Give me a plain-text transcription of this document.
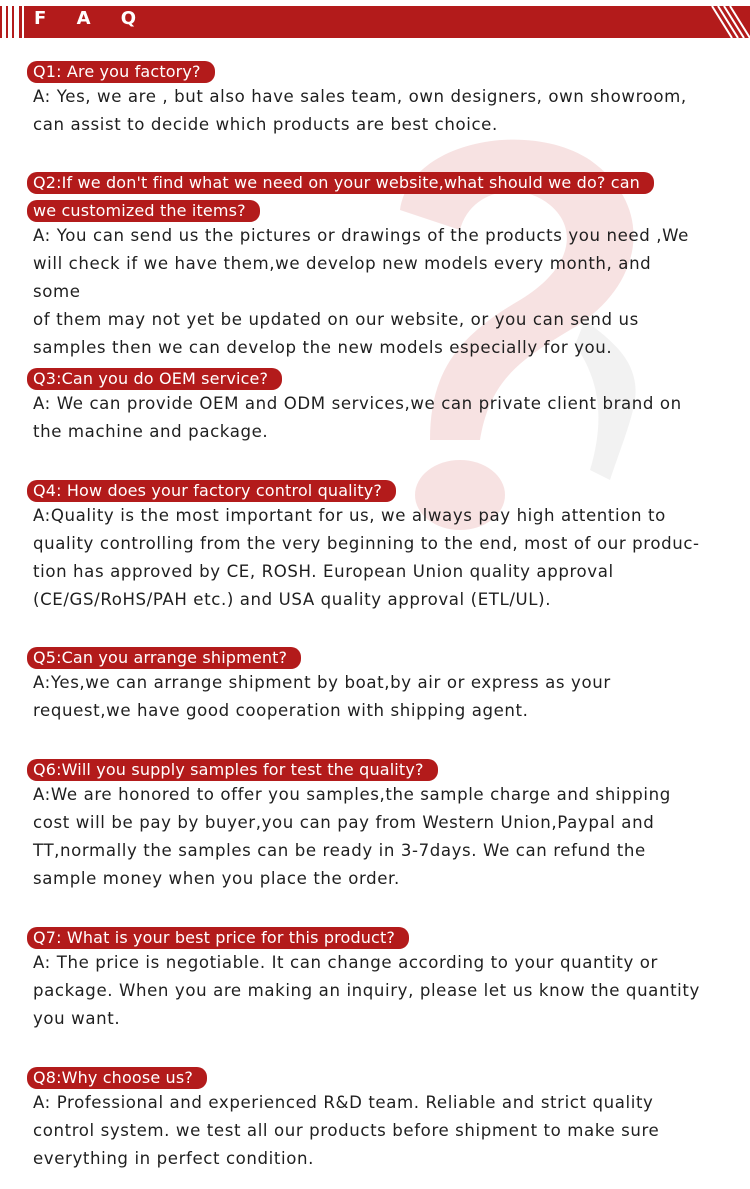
F A Q
Q1: Are you factory?

A: Yes, we are , but also have sales team, own designers, own showroom,
can assist to decide which products are best choice.

Q2:If we don't find what we need on your website,what should we do? can
we customized the items?

A: You can send us the pictures or drawings of the products you need ,We
will check if we have them,we develop new models every month, and some
of them may not yet be updated on our website, or you can send us
samples then we can develop the new models especially for you.

Q3:Can you do OEM service?

A: We can provide OEM and ODM services,we can private client brand on
the machine and package.

Q4: How does your factory control quality?

A:Quality is the most important for us, we always pay high attention to
quality controlling from the very beginning to the end, most of our produc-
tion has approved by CE, ROSH. European Union quality approval
(CE/GS/RoHS/PAH etc.) and USA quality approval (ETL/UL).

Q5:Can you arrange shipment?

A:Yes,we can arrange shipment by boat,by air or express as your
request,we have good cooperation with shipping agent.

Q6:Will you supply samples for test the quality?

A:We are honored to offer you samples,the sample charge and shipping
cost will be pay by buyer,you can pay from Western Union,Paypal and
TT,normally the samples can be ready in 3-7days. We can refund the
sample money when you place the order.

Q7: What is your best price for this product?

A: The price is negotiable. It can change according to your quantity or
package. When you are making an inquiry, please let us know the quantity
you want.

Q8:Why choose us?

A: Professional and experienced R&D team. Reliable and strict quality
control system. we test all our products before shipment to make sure
everything in perfect condition.
